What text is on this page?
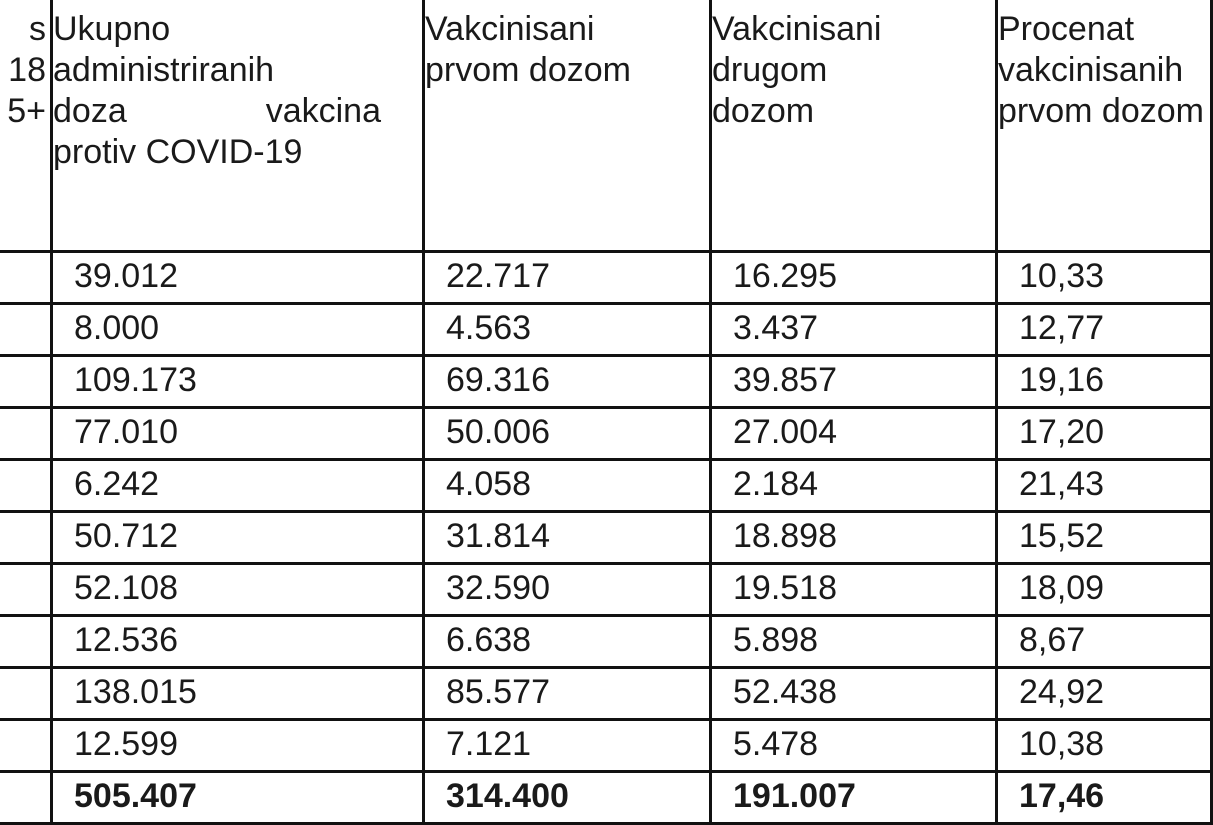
s
18
5+	Ukupno
administriranih
doza vakcina
protiv COVID-19	Vakcinisani
prvom dozom	Vakcinisani
drugom
dozom	Procenat
vakcinisanih
prvom dozom

	39.012	22.717	16.295	10,33
	8.000	4.563	3.437	12,77
	109.173	69.316	39.857	19,16
	77.010	50.006	27.004	17,20
	6.242	4.058	2.184	21,43
	50.712	31.814	18.898	15,52
	52.108	32.590	19.518	18,09
	12.536	6.638	5.898	8,67
	138.015	85.577	52.438	24,92
	12.599	7.121	5.478	10,38
	505.407	314.400	191.007	17,46
